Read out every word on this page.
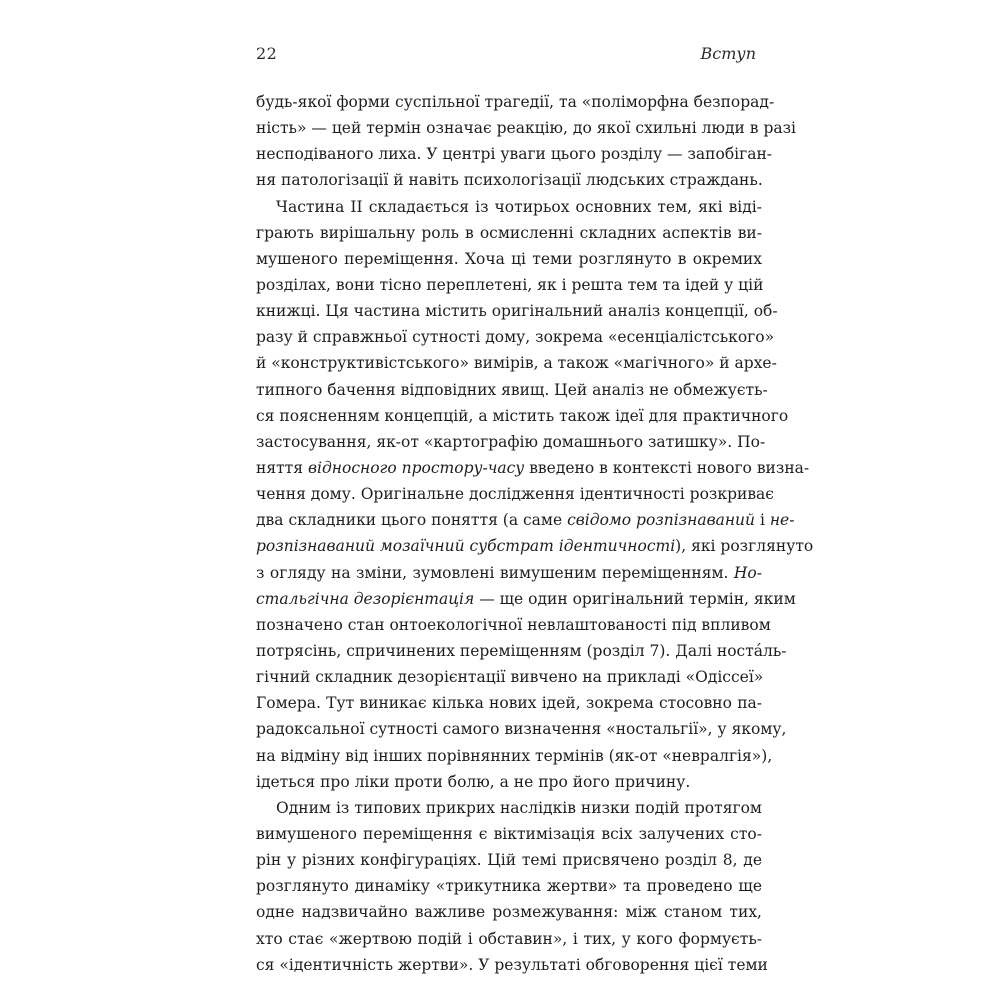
22	Вступ
будь-якої форми суспільної трагедії, та «поліморфна безпорад-
ність» — цей термін означає реакцію, до якої схильні люди в разі
несподіваного лиха. У центрі уваги цього розділу — запобіган-
ня патологізації й навіть психологізації людських страждань.
Частина II складається із чотирьох основних тем, які віді-
грають вирішальну роль в осмисленні складних аспектів ви-
мушеного переміщення. Хоча ці теми розглянуто в окремих
розділах, вони тісно переплетені, як і решта тем та ідей у цій
книжці. Ця частина містить оригінальний аналіз концепції, об-
разу й справжньої сутності дому, зокрема «есенціалістського»
й «конструктивістського» вимірів, а також «магічного» й архе-
типного бачення відповідних явищ. Цей аналіз не обмежуєть-
ся поясненням концепцій, а містить також ідеї для практичного
застосування, як-от «картографію домашнього затишку». По-
няття відносного простору-часу введено в контексті нового визна-
чення дому. Оригінальне дослідження ідентичності розкриває
два складники цього поняття (а саме свідомо розпізнаваний і не-
розпізнаваний мозаїчний субстрат ідентичності), які розглянуто
з огляду на зміни, зумовлені вимушеним переміщенням. Но-
стальгічна дезорієнтація — ще один оригінальний термін, яким
позначено стан онтоекологічної невлаштованості під впливом
потрясінь, спричинених переміщенням (розділ 7). Далі ностáль-
гічний складник дезорієнтації вивчено на прикладі «Одіссеї»
Гомера. Тут виникає кілька нових ідей, зокрема стосовно па-
радоксальної сутності самого визначення «ностальгії», у якому,
на відміну від інших порівнянних термінів (як-от «невралгія»),
ідеться про ліки проти болю, а не про його причину.
Одним із типових прикрих наслідків низки подій протягом
вимушеного переміщення є віктимізація всіх залучених сто-
рін у різних конфігураціях. Цій темі присвячено розділ 8, де
розглянуто динаміку «трикутника жертви» та проведено ще
одне надзвичайно важливе розмежування: між станом тих,
хто стає «жертвою подій і обставин», і тих, у кого формуєть-
ся «ідентичність жертви». У результаті обговорення цієї теми
